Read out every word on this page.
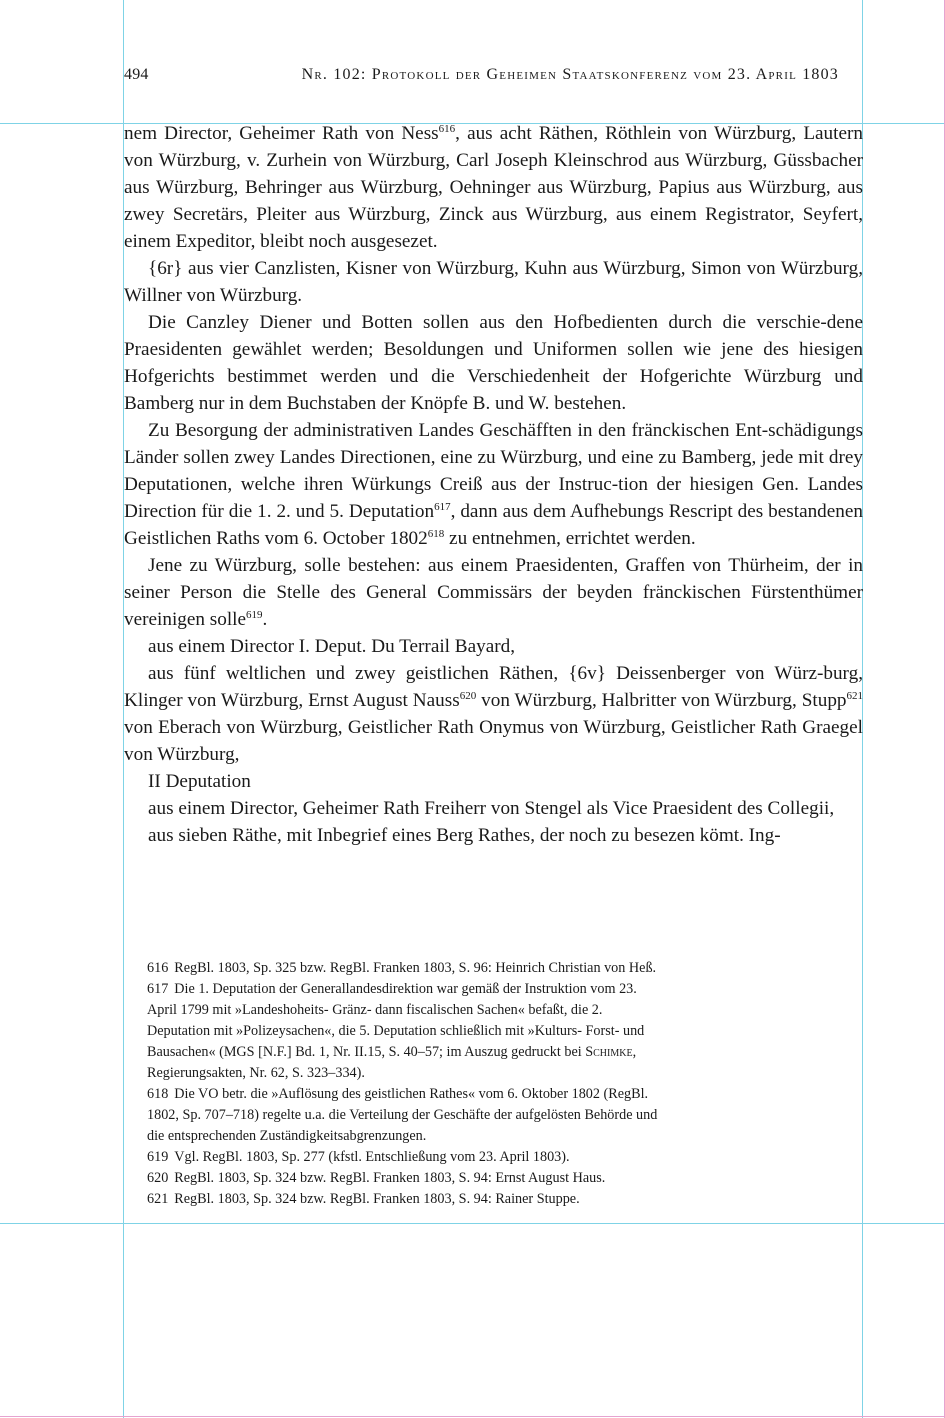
494	Nr. 102: Protokoll der Geheimen Staatskonferenz vom 23. April 1803

nem Director, Geheimer Rath von Ness$^{616}$, aus acht Räthen, Röthlein von Würzburg, Lautern von Würzburg, v. Zurhein von Würzburg, Carl Joseph Kleinschrod aus Würzburg, Güssbacher aus Würzburg, Behringer aus Würzburg, Oehninger aus Würzburg, Papius aus Würzburg, aus zwey Secretärs, Pleiter aus Würzburg, Zinck aus Würzburg, aus einem Registrator, Seyfert, einem Expeditor, bleibt noch ausgesezet.

{6r} aus vier Canzlisten, Kisner von Würzburg, Kuhn aus Würzburg, Simon von Würzburg, Willner von Würzburg.

Die Canzley Diener und Botten sollen aus den Hofbedienten durch die verschie-dene Praesidenten gewählet werden; Besoldungen und Uniformen sollen wie jene des hiesigen Hofgerichts bestimmet werden und die Verschiedenheit der Hofgerichte Würzburg und Bamberg nur in dem Buchstaben der Knöpfe B. und W. bestehen.

Zu Besorgung der administrativen Landes Geschäfften in den fränckischen Ent-schädigungs Länder sollen zwey Landes Directionen, eine zu Würzburg, und eine zu Bamberg, jede mit drey Deputationen, welche ihren Würkungs Creiß aus der Instruc-tion der hiesigen Gen. Landes Direction für die 1. 2. und 5. Deputation$^{617}$, dann aus dem Aufhebungs Rescript des bestandenen Geistlichen Raths vom 6. October 1802$^{618}$ zu entnehmen, errichtet werden.

Jene zu Würzburg, solle bestehen: aus einem Praesidenten, Graffen von Thürheim, der in seiner Person die Stelle des General Commissärs der beyden fränckischen Fürstenthümer vereinigen solle$^{619}$.

aus einem Director I. Deput. Du Terrail Bayard,

aus fünf weltlichen und zwey geistlichen Räthen, {6v} Deissenberger von Würz-burg, Klinger von Würzburg, Ernst August Nauss$^{620}$ von Würzburg, Halbritter von Würzburg, Stupp$^{621}$ von Eberach von Würzburg, Geistlicher Rath Onymus von Würzburg, Geistlicher Rath Graegel von Würzburg,

II Deputation

aus einem Director, Geheimer Rath Freiherr von Stengel als Vice Praesident des Collegii,

aus sieben Räthe, mit Inbegrief eines Berg Rathes, der noch zu besezen kömt. Ing-

616 RegBl. 1803, Sp. 325 bzw. RegBl. Franken 1803, S. 96: Heinrich Christian von Heß.

617 Die 1. Deputation der Generallandesdirektion war gemäß der Instruktion vom 23. April 1799 mit »Landeshoheits- Gränz- dann fiscalischen Sachen« befaßt, die 2. Deputation mit »Polizeysachen«, die 5. Deputation schließlich mit »Kulturs- Forst- und Bausachen« (MGS [N.F.] Bd. 1, Nr. II.15, S. 40–57; im Auszug gedruckt bei Schimke, Regierungsakten, Nr. 62, S. 323–334).

618 Die VO betr. die »Auflösung des geistlichen Rathes« vom 6. Oktober 1802 (RegBl. 1802, Sp. 707–718) regelte u.a. die Verteilung der Geschäfte der aufgelösten Behörde und die entsprechenden Zuständigkeitsabgrenzungen.

619 Vgl. RegBl. 1803, Sp. 277 (kfstl. Entschließung vom 23. April 1803).

620 RegBl. 1803, Sp. 324 bzw. RegBl. Franken 1803, S. 94: Ernst August Haus.

621 RegBl. 1803, Sp. 324 bzw. RegBl. Franken 1803, S. 94: Rainer Stuppe.
